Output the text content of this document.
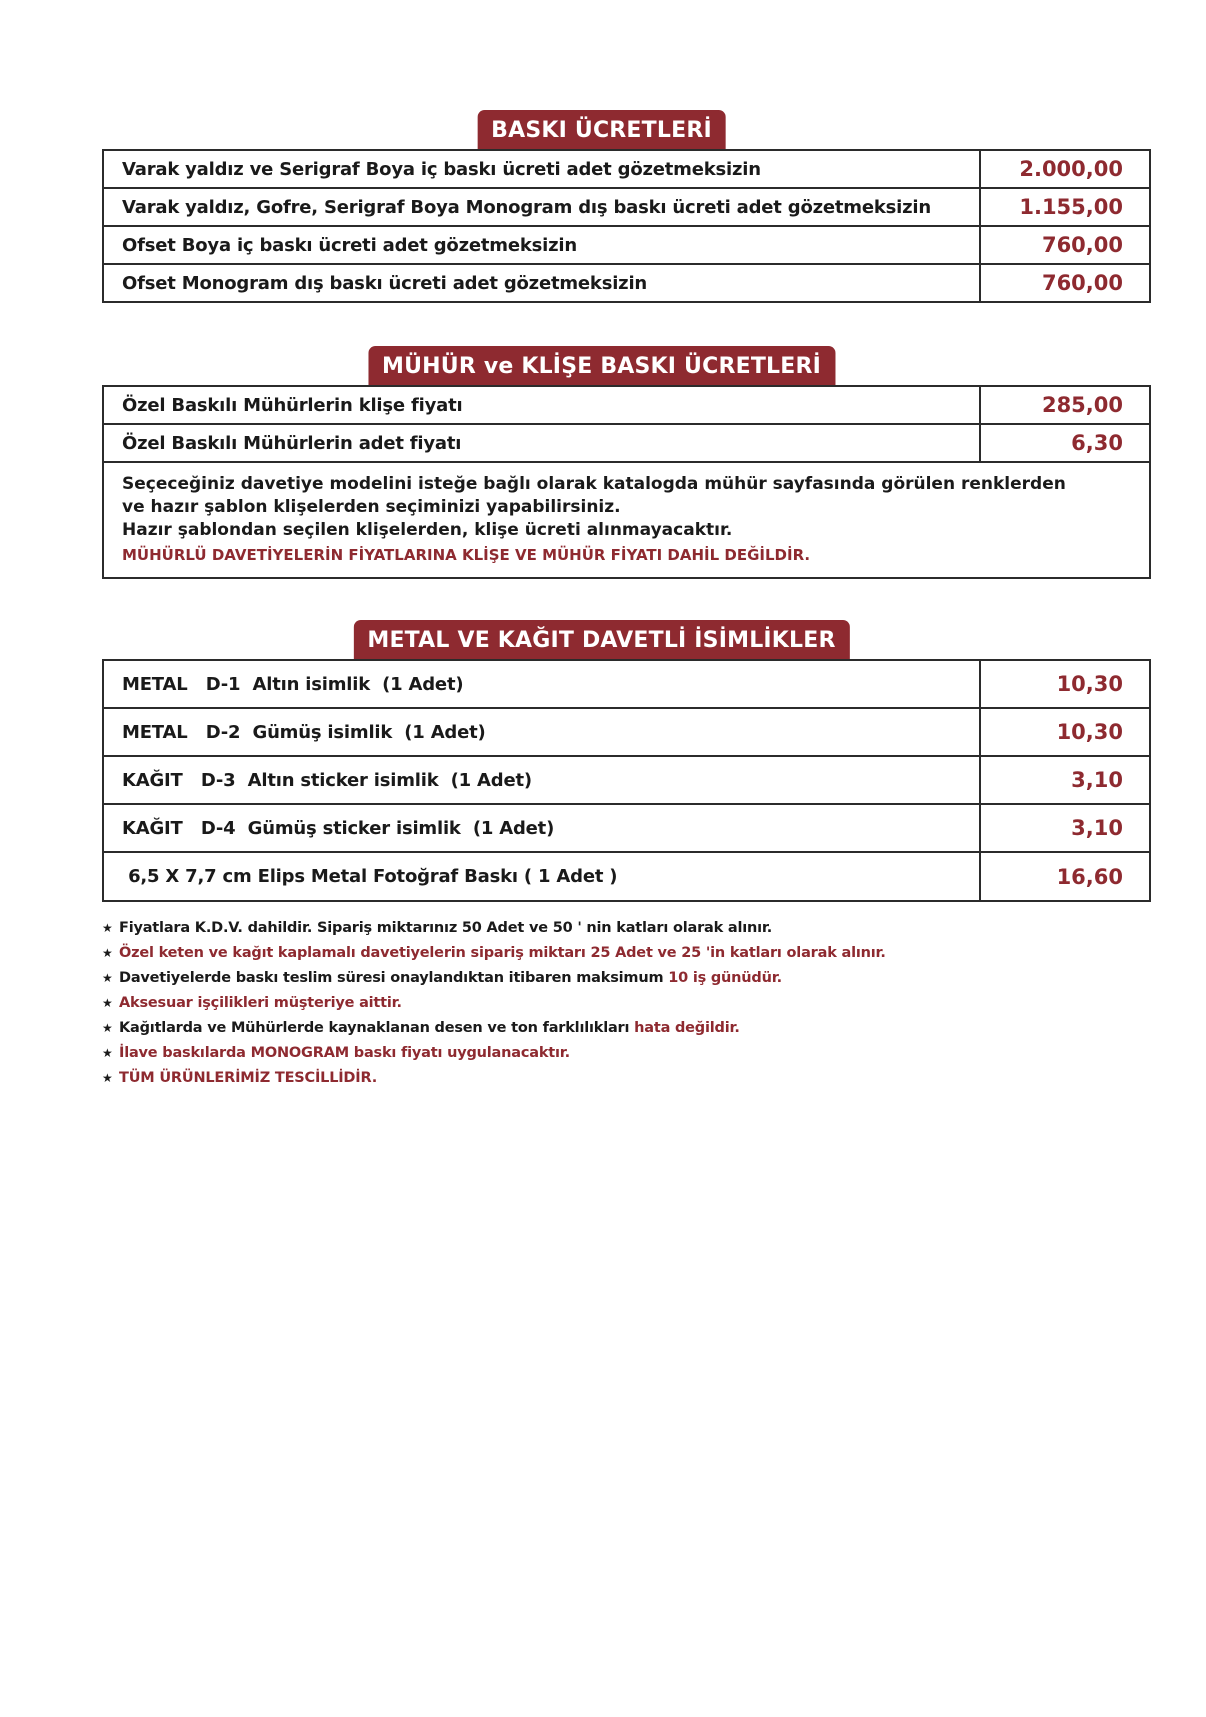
BASKI ÜCRETLERİ
Varak yaldız ve Serigraf Boya iç baskı ücreti adet gözetmeksizin	2.000,00
Varak yaldız, Gofre, Serigraf Boya Monogram dış baskı ücreti adet gözetmeksizin	1.155,00
Ofset Boya iç baskı ücreti adet gözetmeksizin	760,00
Ofset Monogram dış baskı ücreti adet gözetmeksizin	760,00
MÜHÜR ve KLİŞE BASKI ÜCRETLERİ
Özel Baskılı Mühürlerin klişe fiyatı	285,00
Özel Baskılı Mühürlerin adet fiyatı	6,30

Seçeceğiniz davetiye modelini isteğe bağlı olarak katalogda mühür sayfasında görülen renklerden
ve hazır şablon klişelerden seçiminizi yapabilirsiniz.
Hazır şablondan seçilen klişelerden, klişe ücreti alınmayacaktır.
MÜHÜRLÜ DAVETİYELERİN FİYATLARINA KLİŞE VE MÜHÜR FİYATI DAHİL DEĞİLDİR.	
METAL VE KAĞIT DAVETLİ İSİMLİKLER
METAL   D-1  Altın isimlik  (1 Adet)	10,30
METAL   D-2  Gümüş isimlik  (1 Adet)	10,30
KAĞIT   D-3  Altın sticker isimlik  (1 Adet)	3,10
KAĞIT   D-4  Gümüş sticker isimlik  (1 Adet)	3,10
6,5 X 7,7 cm Elips Metal Fotoğraf Baskı ( 1 Adet )	16,60
★ Fiyatlara K.D.V. dahildir. Sipariş miktarınız 50 Adet ve 50 ' nin katları olarak alınır.
★ Özel keten ve kağıt kaplamalı davetiyelerin sipariş miktarı 25 Adet ve 25 'in katları olarak alınır.
★ Davetiyelerde baskı teslim süresi onaylandıktan itibaren maksimum 10 iş günüdür.
★ Aksesuar işçilikleri müşteriye aittir.
★ Kağıtlarda ve Mühürlerde kaynaklanan desen ve ton farklılıkları hata değildir.
★ İlave baskılarda MONOGRAM baskı fiyatı uygulanacaktır.
★ TÜM ÜRÜNLERİMİZ TESCİLLİDİR.
